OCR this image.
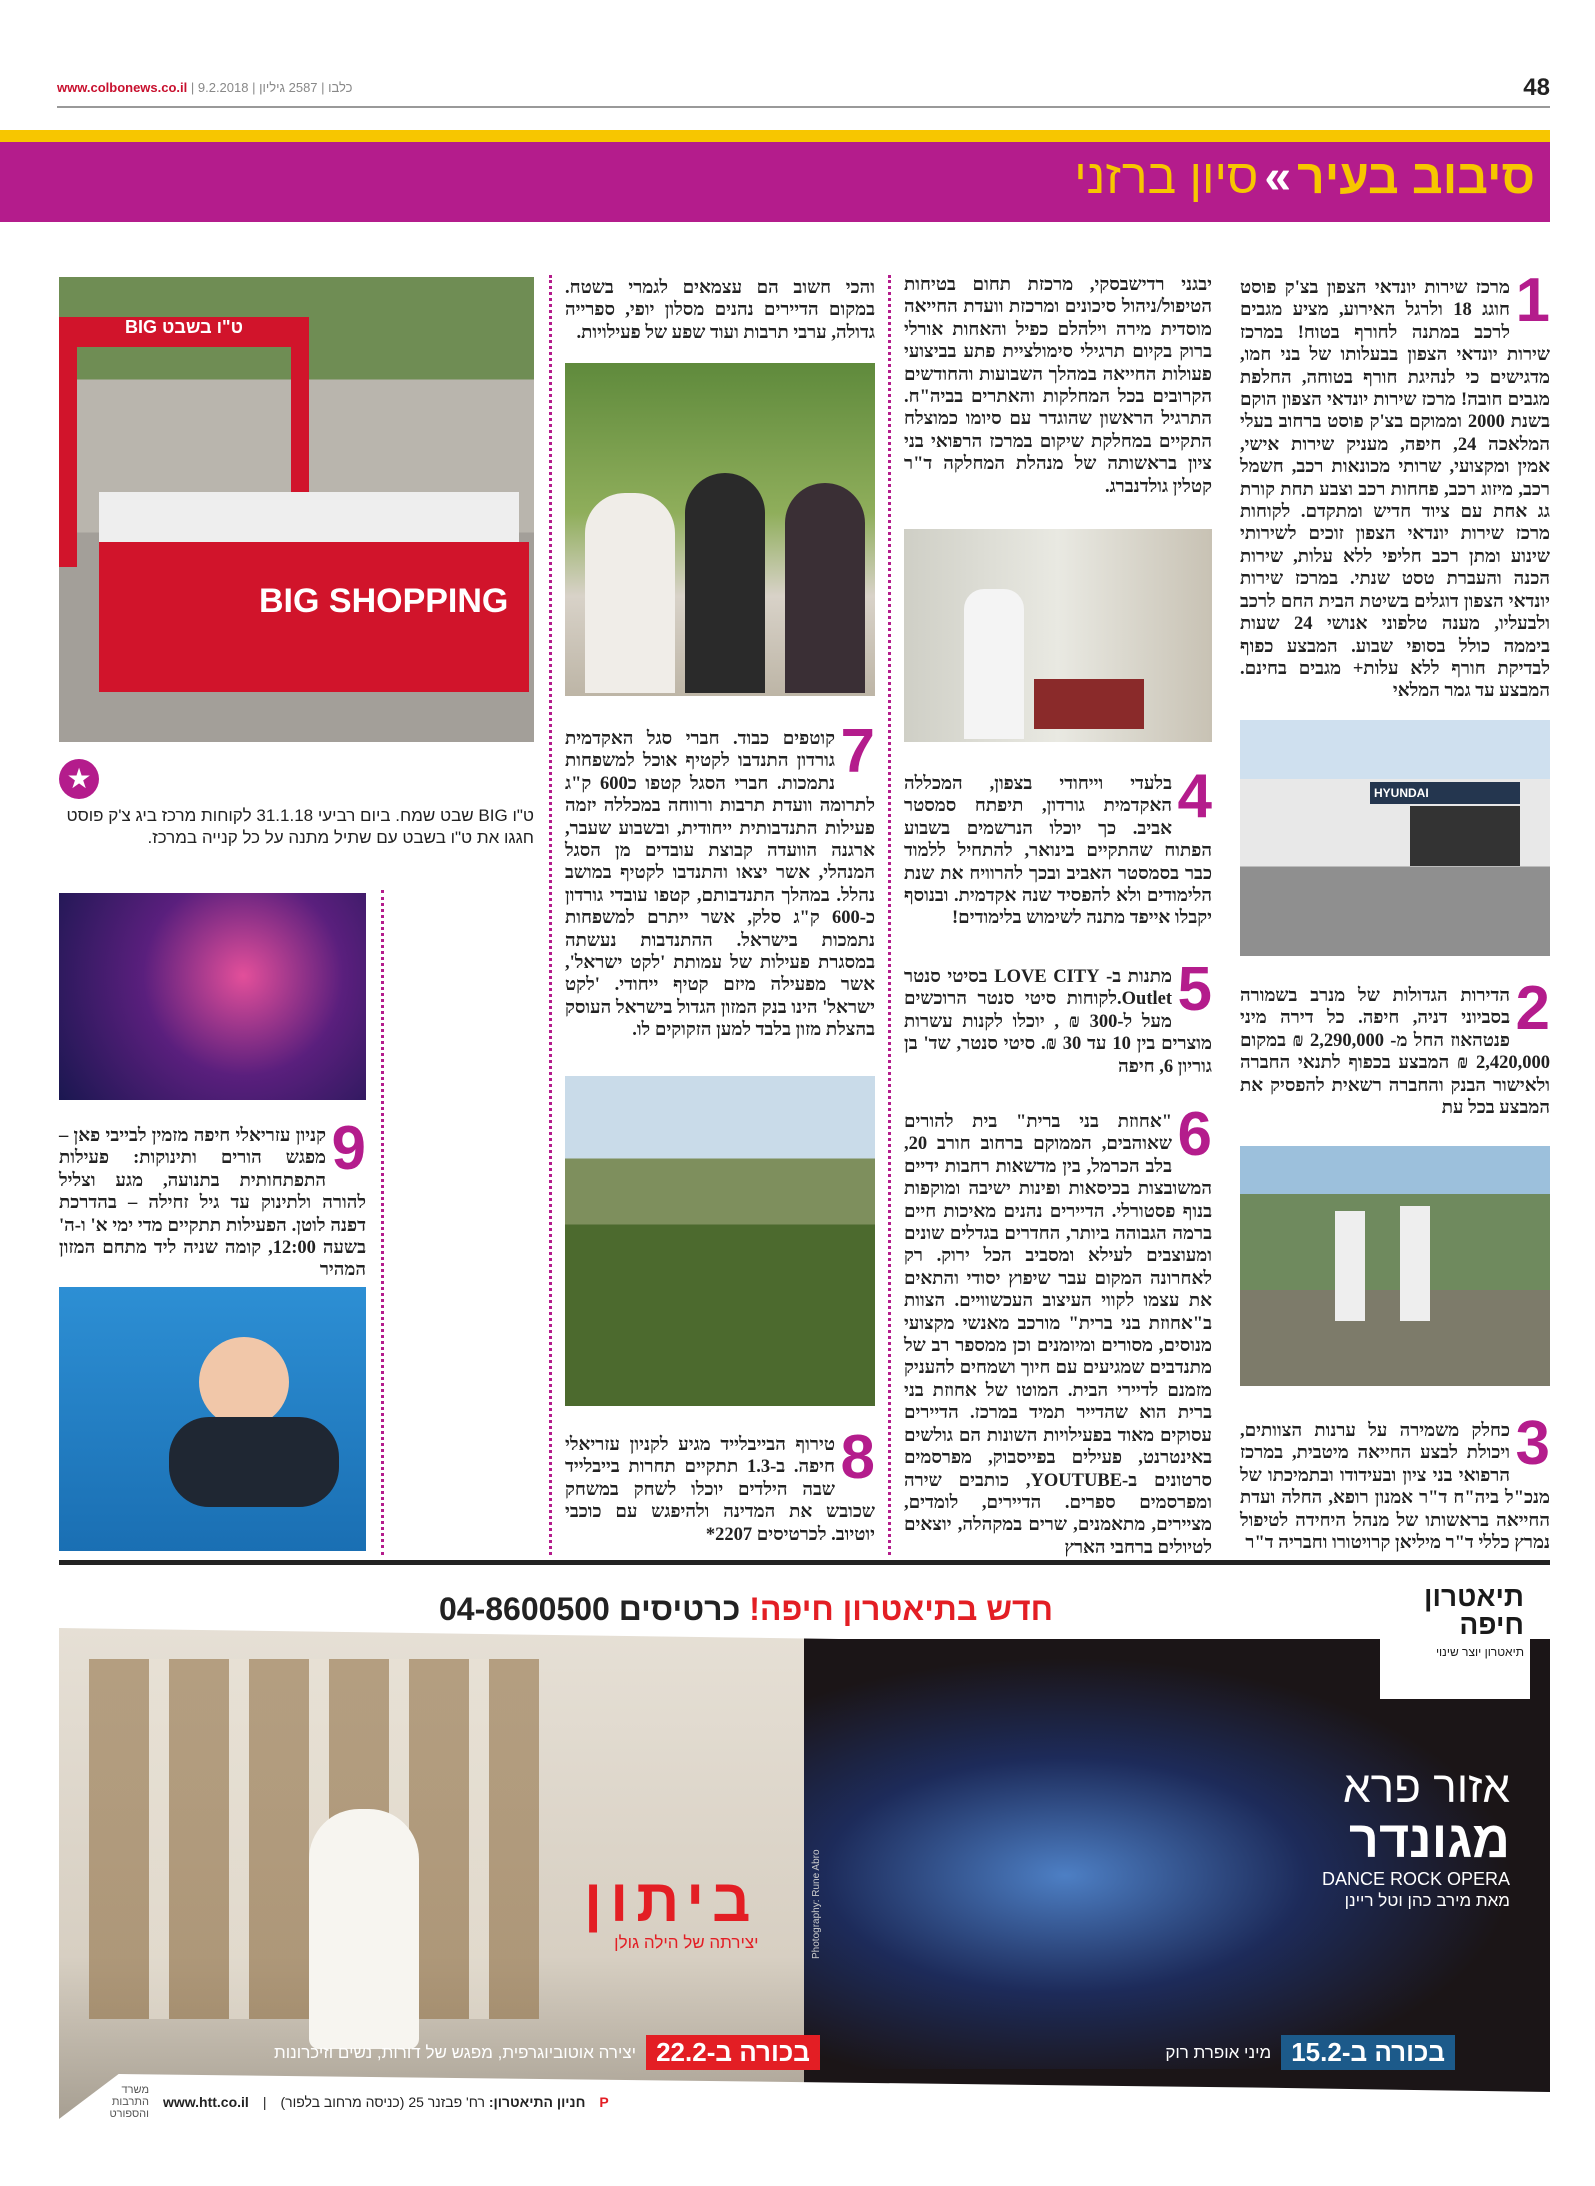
www.colbonews.co.il |	כלבו | 2587 גיליון | 9.2.2018	48
סיבוב בעיר»סיון ברזני
1
מרכז שירות יונדאי הצפון בצ'ק פוסט חוגג 18 ולרגל האירוע, מציע מגבים לרכב במתנה לחורף בטוח! במרכז שירות יונדאי הצפון בבעלותו של בני חמו, מדגישים כי לנהיגת חורף בטוחה, החלפת מגבים חובה! מרכז שירות יונדאי הצפון הוקם בשנת 2000 וממוקם בצ'ק פוסט ברחוב בעלי המלאכה 24, חיפה, מעניק שירות אישי, אמין ומקצועי, שרותי מכונאות רכב, חשמל רכב, מיזוג רכב, פחחות רכב וצבע תחת קורת גג אחת עם ציוד חדיש ומתקדם. לקוחות מרכז שירות יונדאי הצפון זוכים לשירותי שינוע ומתן רכב חליפי ללא עלות, שירות הכנה והעברת טסט שנתי. במרכז שירות יונדאי הצפון דוגלים בשיטת הבית החם לרכב ולבעליו, מענה טלפוני אנושי 24 שעות ביממה כולל בסופי שבוע. המבצע כפוף לבדיקת חורף ללא עלות+ מגבים בחינם. המבצע עד גמר המלאי
HYUNDAI
2
הדירות הגדולות של מנרב בשמורה בסביוני דניה, חיפה. כל דירה מיני פנטהאוז החל מ- 2,290,000 ₪ במקום 2,420,000 ₪ המבצע בכפוף לתנאי החברה ולאישור הבנק והחברה רשאית להפסיק את המבצע בכל עת
3
כחלק משמירה על ערנות הצוותים, ויכולת לבצע החייאה מיטבית, במרכז הרפואי בני ציון ובעידודו ובתמיכתו של מנכ"ל ביה"ח ד"ר אמנון רופא, החלה ועדת החייאה בראשותו של מנהל היחידה לטיפול נמרץ כללי ד"ר מיליאן קרויטורו וחבריה ד"ר
יבגני רדישבסקי, מרכזת תחום בטיחות הטיפול/ניהול סיכונים ומרכזת וועדת החייאה מוסדית מירה וילהלם כפיל והאחות אורלי ברוק בקיום תרגילי סימולציית פתע בביצועי פעולות החייאה במהלך השבועות והחודשים הקרובים בכל המחלקות והאתרים בביה"ח. התרגיל הראשון שהוגדר עם סיומו כמוצלח התקיים במחלקת שיקום במרכז הרפואי בני ציון בראשותה של מנהלת המחלקה ד"ר קטלין גולדנברג.
4
בלעדי וייחודי בצפון, המכללה האקדמית גורדון, תיפתח סמסטר אביב. כך יוכלו הנרשמים בשבוע הפתוח שהתקיים בינואר, להתחיל ללמוד כבר בסמסטר האביב ובכך להרוויח את שנת הלימודים ולא להפסיד שנה אקדמית. ובנוסף יקבלו אייפד מתנה לשימוש בלימודים!
5
מתנות ב- LOVE CITY בסיטי סנטר Outlet.לקוחות סיטי סנטר הרוכשים מעל ל-300 ₪ , יוכלו לקנות עשרות מוצרים בין 10 עד 30 ₪. סיטי סנטר, שד' בן גוריון 6, חיפה
6
"אחוזת בני ברית" בית להורים שאוהבים, הממוקם ברחוב חורב 20, בלב הכרמל, בין מדשאות רחבות ידיים המשובצות בכיסאות ופינות ישיבה ומוקפות בנוף פסטורלי. הדיירים נהנים מאיכות חיים ברמה הגבוהה ביותר, החדרים בגדלים שונים ומעוצבים לעילא ומסביב הכל ירוק. רק לאחרונה המקום עבר שיפוץ יסודי והתאים את עצמו לקווי העיצוב העכשוויים. הצוות ב"אחוזת בני ברית" מורכב מאנשי מקצועי מנוסים, מסורים ומיומנים וכן ממספר רב של מתנדבים שמגיעים עם חיוך ושמחים להעניק מזמנם לדיירי הבית. המוטו של אחוזת בני ברית הוא שהדייר תמיד במרכז. הדיירים עסוקים מאוד בפעילויות השונות הם גולשים באינטרנט, פעילים בפייסבוק, מפרסמים סרטונים ב-YOUTUBE, כותבים שירה ומפרסמים ספרים. הדיירים, לומדים, מציירים, מתאמנים, שרים במקהלה, יוצאים לטיולים ברחבי הארץ
והכי חשוב הם עצמאים לגמרי בשטח. במקום הדיירים נהנים מסלון יופי, ספרייה גדולה, ערבי תרבות ועוד שפע של פעילויות.
7
קוטפים כבוד. חברי סגל האקדמית גורדון התנדבו לקטיף אוכל למשפחות נתמכות. חברי הסגל קטפו כ600 ק"ג לתרומה וועדת תרבות ורווחה במכללה יזמה פעילות התנדבותית ייחודית, ובשבוע שעבר, ארגנה הוועדה קבוצת עובדים מן הסגל המנהלי, אשר יצאו והתנדבו לקטיף במושב נהלל. במהלך התנדבותם, קטפו עובדי גורדון כ-600 ק"ג סלק, אשר ייתרם למשפחות נתמכות בישראל. ההתנדבות נעשתה במסגרת פעילות של עמותת 'לקט ישראל', אשר מפעילה מיזם קטיף ייחודי. 'לקט ישראל' הינו בנק המזון הגדול בישראל העוסק בהצלת מזון בלבד למען הזקוקים לו.
8
טירוף הבייבלייד מגיע לקניון עזריאלי חיפה. ב-1.3 תתקיים תחרות בייבלייד שבה הילדים יוכלו לשחק במשחק שכובש את המדינה ולהיפגש עם כוכבי יוטיוב. לכרטיסים 2207*
ט"ו בשבט BIG
BIG SHOPPING
★
ט"ו BIG שבט שמח. ביום רביעי 31.1.18 לקוחות מרכז ביג צ'ק פוסט חגגו את ט"ו בשבט עם שתיל מתנה על כל קנייה במרכז.
9
קניון עזריאלי חיפה מזמין לבייבי פאן – מפגש הורים ותינוקות: פעילות התפתחותית בתנועה, מגע וצליל להורה ולתינוק עד גיל זחילה – בהדרכת דפנה לוטן. הפעילות תתקיים מדי ימי א' ו-ה' בשעה 12:00, קומה שניה ליד מתחם המזון המהיר
חדש בתיאטרון חיפה! כרטיסים 04-8600500	תיאטרון
חיפה
תיאטרון יוצר שינוי
Photography: Rune Abro
אזור פרא
מגונדר
DANCE ROCK OPERA
מאת מירב כהן וטל ריינן
בכורה ב-15.2
מיני אופרת רוק
ביתון
יצירתה של הילה גולן
בכורה ב-22.2
יצירה אוטוביוגרפית, מפגש של דורות, נשים וזיכרונות
משרד התרבות והספורט
www.htt.co.il |	חניון התיאטרון: רח' פבזנר 25 (כניסה מרחוב בלפור)	P
